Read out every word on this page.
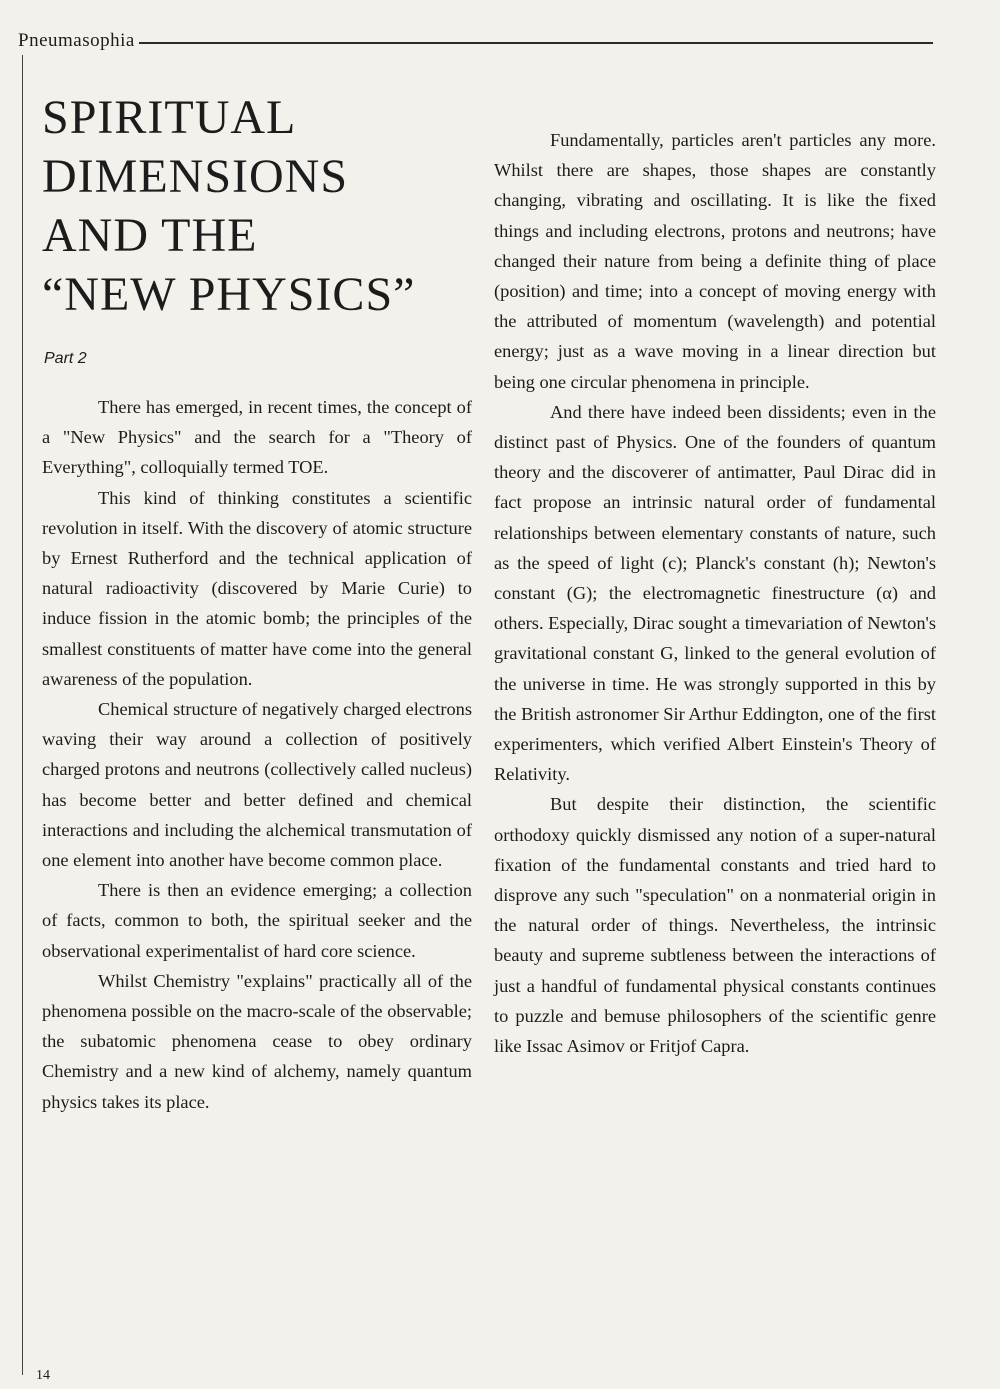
Pneumasophia
SPIRITUAL
DIMENSIONS
AND THE
“NEW PHYSICS”
Part 2

There has emerged, in recent times, the concept of a "New Physics" and the search for a "Theory of Everything", colloquially termed TOE.

This kind of thinking constitutes a scientific revolution in itself. With the discovery of atomic structure by Ernest Rutherford and the technical application of natural radioactivity (discovered by Marie Curie) to induce fission in the atomic bomb; the principles of the smallest constituents of matter have come into the general awareness of the population.

Chemical structure of negatively charged electrons waving their way around a collection of positively charged protons and neutrons (collectively called nucleus) has become better and better defined and chemical interactions and including the alchemical transmutation of one element into another have become common place.

There is then an evidence emerging; a collection of facts, common to both, the spiritual seeker and the observational experimentalist of hard core science.

Whilst Chemistry "explains" practically all of the phenomena possible on the macro-scale of the observable; the subatomic phenomena cease to obey ordinary Chemistry and a new kind of alchemy, namely quantum physics takes its place.

Fundamentally, particles aren't particles any more. Whilst there are shapes, those shapes are constantly changing, vibrating and oscillating. It is like the fixed things and including electrons, protons and neutrons; have changed their nature from being a definite thing of place (position) and time; into a concept of moving energy with the attributed of momentum (wavelength) and potential energy; just as a wave moving in a linear direction but being one circular phenomena in principle.

And there have indeed been dissidents; even in the distinct past of Physics. One of the founders of quantum theory and the discoverer of antimatter, Paul Dirac did in fact propose an intrinsic natural order of fundamental relationships between elementary constants of nature, such as the speed of light (c); Planck's constant (h); Newton's constant (G); the electromagnetic finestructure (α) and others. Especially, Dirac sought a timevariation of Newton's gravitational constant G, linked to the general evolution of the universe in time. He was strongly supported in this by the British astronomer Sir Arthur Eddington, one of the first experimenters, which verified Albert Einstein's Theory of Relativity.

But despite their distinction, the scientific orthodoxy quickly dismissed any notion of a super-natural fixation of the fundamental constants and tried hard to disprove any such "speculation" on a nonmaterial origin in the natural order of things. Nevertheless, the intrinsic beauty and supreme subtleness between the interactions of just a handful of fundamental physical constants continues to puzzle and bemuse philosophers of the scientific genre like Issac Asimov or Fritjof Capra.

14
